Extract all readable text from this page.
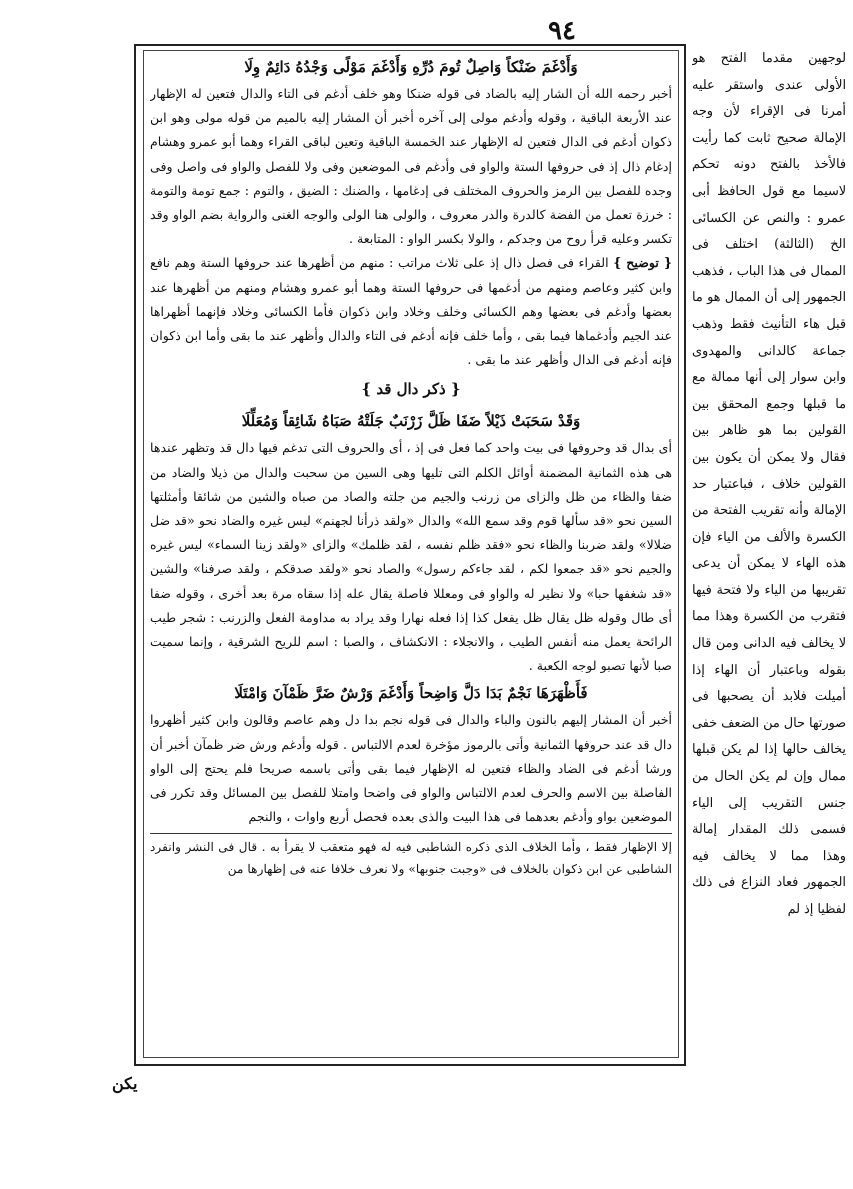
٩٤

وَأَدْغَمَ ضَنْكاً وَاصِلٌ تُومَ دُرِّهِ وَأَدْغَمَ مَوْلًى وَجْدُهُ دَائِمٌ وِلَا

أخبر رحمه الله أن الشار إليه بالضاد فى قوله ضنكا وهو خلف أدغم فى التاء والدال فتعين له الإظهار عند الأربعة الباقية ، وقوله وأدغم مولى إلى آخره أخبر أن المشار إليه بالميم من قوله مولى وهو ابن ذكوان أدغم فى الدال فتعين له الإظهار عند الخمسة الباقية وتعين لباقى القراء وهما أبو عمرو وهشام إدغام ذال إذ فى حروفها الستة والواو فى وأدغم فى الموضعين وفى ولا للفصل والواو فى واصل وفى وجده للفصل بين الرمز والحروف المختلف فى إدغامها ، والضنك : الضيق ، والتوم : جمع تومة والتومة : خرزة تعمل من الفضة كالدرة والدر معروف ، والولى هنا الولى والوجه الغنى والرواية بضم الواو وقد تكسر وعليه قرأ روح من وجدكم ، والولا بكسر الواو : المتابعة .

{ توضيح } القراء فى فصل ذال إذ على ثلاث مراتب : منهم من أظهرها عند حروفها الستة وهم نافع وابن كثير وعاصم ومنهم من أدغمها فى حروفها الستة وهما أبو عمرو وهشام ومنهم من أظهرها عند بعضها وأدغم فى بعضها وهم الكسائى وخلف وخلاد وابن ذكوان فأما الكسائى وخلاد فإنهما أظهراها عند الجيم وأدغماها فيما بقى ، وأما خلف فإنه أدغم فى التاء والدال وأظهر عند ما بقى وأما ابن ذكوان فإنه أدغم فى الدال وأظهر عند ما بقى .

{ ذكر دال قد }

وَقَدْ سَحَبَتْ ذَيْلاً ضَفَا ظَلَّ زَرْنَبٌ جَلَتْهُ صَبَاهُ شَائِقاً وَمُعَلِّلَا

أى بدال قد وحروفها فى بيت واحد كما فعل فى إذ ، أى والحروف التى تدغم فيها دال قد وتظهر عندها هى هذه الثمانية المضمنة أوائل الكلم التى تليها وهى السين من سحبت والدال من ذيلا والضاد من ضفا والظاء من ظل والزاى من زرنب والجيم من جلته والصاد من صباه والشين من شائقا وأمثلتها السين نحو «قد سألها قوم وقد سمع الله» والدال «ولقد ذرأنا لجهنم» ليس غيره والضاد نحو «قد ضل ضلالا» ولقد ضربنا والظاء نحو «فقد ظلم نفسه ، لقد ظلمك» والزاى «ولقد زينا السماء» ليس غيره والجيم نحو «قد جمعوا لكم ، لقد جاءكم رسول» والصاد نحو «ولقد صدقكم ، ولقد صرفنا» والشين «قد شغفها حبا» ولا نظير له والواو فى ومعللا فاصلة يقال عله إذا سقاه مرة بعد أخرى ، وقوله ضفا أى طال وقوله ظل يقال ظل يفعل كذا إذا فعله نهارا وقد يراد به مداومة الفعل والزرنب : شجر طيب الرائحة يعمل منه أنفس الطيب ، والانجلاء : الانكشاف ، والصبا : اسم للريح الشرقية ، وإنما سميت صبا لأنها تصبو لوجه الكعبة .

فَأَظْهَرَهَا نَجْمٌ بَدَا دَلَّ وَاضِحاً وَأَدْغَمَ وَرْشٌ ضَرَّ ظَمْآنَ وَامْتَلَا

أخبر أن المشار إليهم بالنون والباء والدال فى قوله نجم بدا دل وهم عاصم وقالون وابن كثير أظهروا دال قد عند حروفها الثمانية وأتى بالرموز مؤخرة لعدم الالتباس . قوله وأدغم ورش ضر ظمآن أخبر أن ورشا أدغم فى الضاد والظاء فتعين له الإظهار فيما بقى وأتى باسمه صريحا فلم يحتج إلى الواو الفاصلة بين الاسم والحرف لعدم الالتباس والواو فى واضحا وامتلا للفصل بين المسائل وقد تكرر فى الموضعين بواو وأدغم بعدهما فى هذا البيت والذى بعده فحصل أربع واوات ، والنجم

إلا الإظهار فقط ، وأما الخلاف الذى ذكره الشاطبى فيه له فهو متعقب لا يقرأ به . قال فى النشر وانفرد الشاطبى عن ابن ذكوان بالخلاف فى «وجبت جنوبها» ولا نعرف خلافا عنه فى إظهارها من

لوجهين مقدما الفتح هو الأولى عندى واستقر عليه أمرنا فى الإقراء لأن وجه الإمالة صحيح ثابت كما رأيت فالأخذ بالفتح دونه تحكم لاسيما مع قول الحافظ أبى عمرو : والنص عن الكسائى الخ (الثالثة) اختلف فى الممال فى هذا الباب ، فذهب الجمهور إلى أن الممال هو ما قبل هاء التأنيث فقط وذهب جماعة كالدانى والمهدوى وابن سوار إلى أنها ممالة مع ما قبلها وجمع المحقق بين القولين بما هو ظاهر بين فقال ولا يمكن أن يكون بين القولين خلاف ، فباعتبار حد الإمالة وأنه تقريب الفتحة من الكسرة والألف من الياء فإن هذه الهاء لا يمكن أن يدعى تقريبها من الياء ولا فتحة فيها فتقرب من الكسرة وهذا مما لا يخالف فيه الدانى ومن قال بقوله وباعتبار أن الهاء إذا أميلت فلابد أن يصحبها فى صورتها حال من الضعف خفى يخالف حالها إذا لم يكن قبلها ممال وإن لم يكن الحال من جنس التقريب إلى الياء فسمى ذلك المقدار إمالة وهذا مما لا يخالف فيه الجمهور فعاد النزاع فى ذلك لفظيا إذ لم
يكن
